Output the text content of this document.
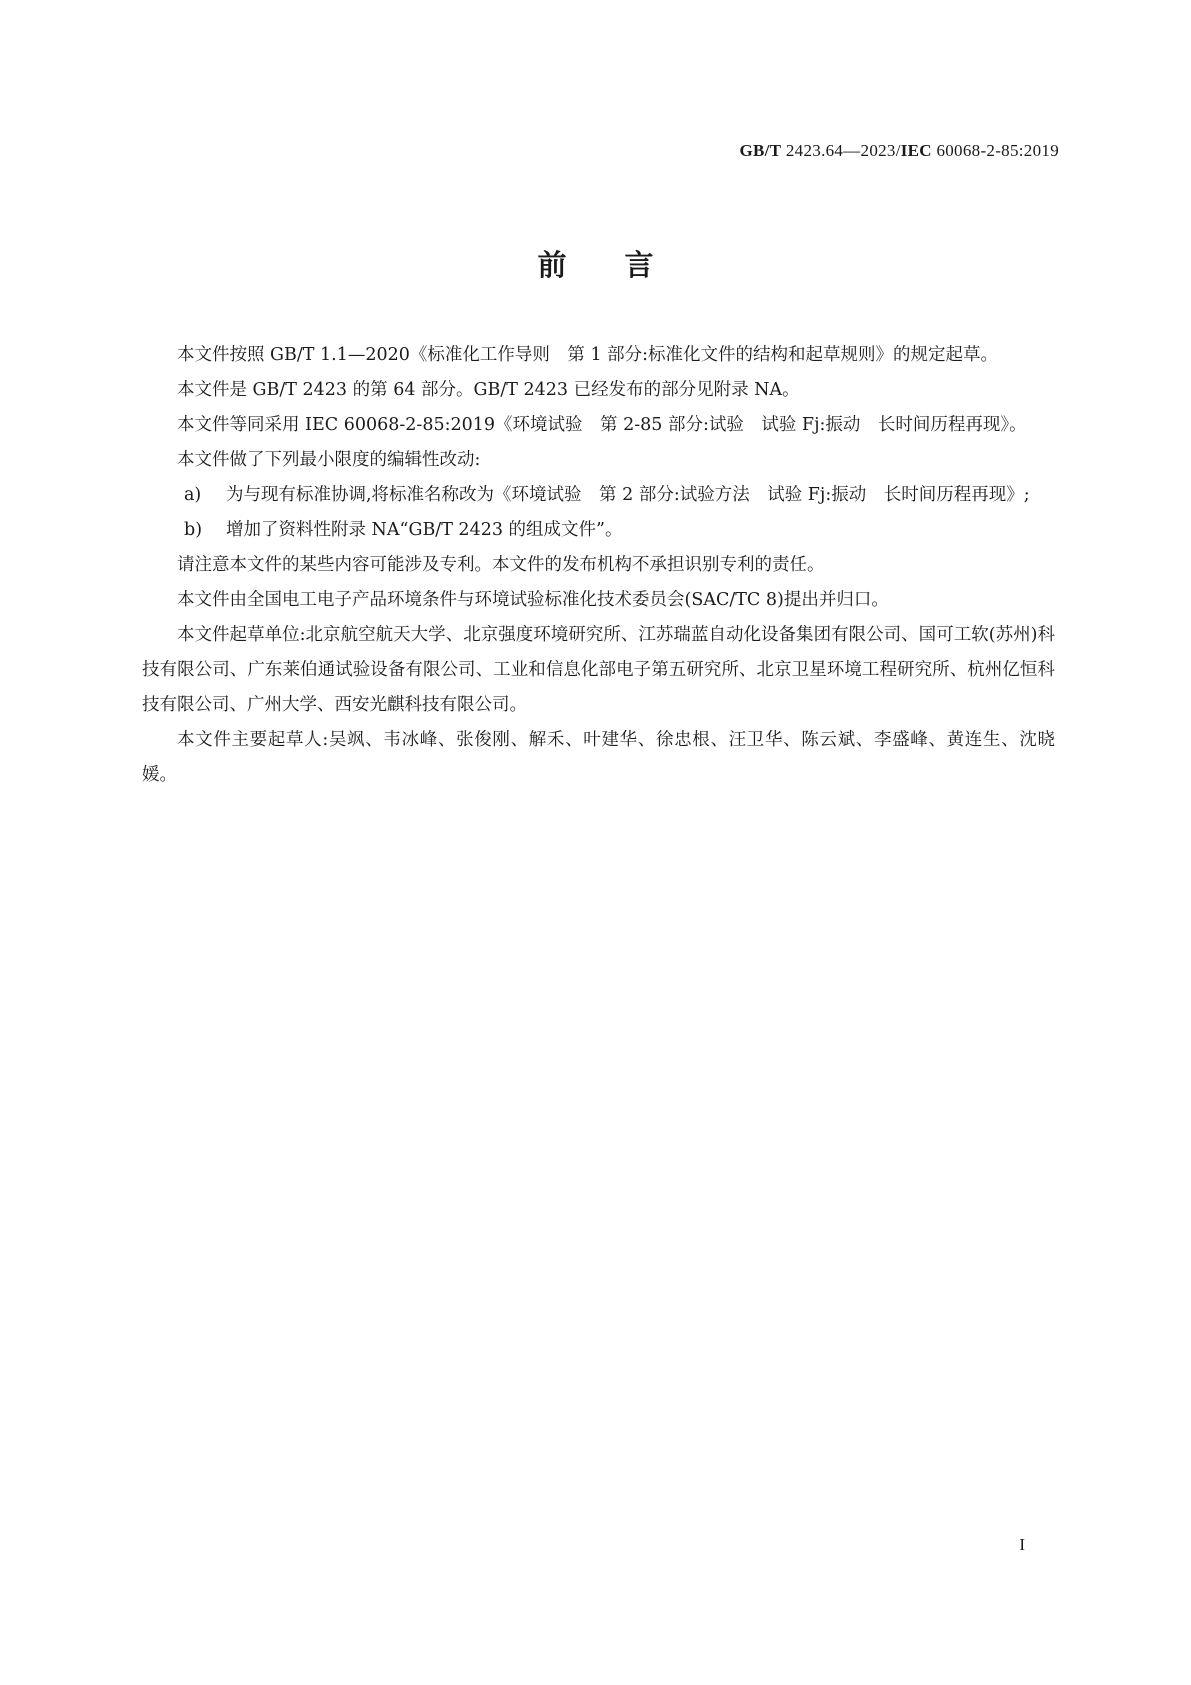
GB/T 2423.64—2023/IEC 60068-2-85:2019
前　　言

本文件按照 GB/T 1.1—2020《标准化工作导则　第 1 部分:标准化文件的结构和起草规则》的规定起草。

本文件是 GB/T 2423 的第 64 部分。GB/T 2423 已经发布的部分见附录 NA。

本文件等同采用 IEC 60068-2-85:2019《环境试验　第 2-85 部分:试验　试验 Fj:振动　长时间历程再现》。

本文件做了下列最小限度的编辑性改动:

a)	为与现有标准协调,将标准名称改为《环境试验　第 2 部分:试验方法　试验 Fj:振动　长时间历程再现》;
b)	增加了资料性附录 NA“GB/T 2423 的组成文件”。

请注意本文件的某些内容可能涉及专利。本文件的发布机构不承担识别专利的责任。

本文件由全国电工电子产品环境条件与环境试验标准化技术委员会(SAC/TC 8)提出并归口。

本文件起草单位:北京航空航天大学、北京强度环境研究所、江苏瑞蓝自动化设备集团有限公司、国可工软(苏州)科技有限公司、广东莱伯通试验设备有限公司、工业和信息化部电子第五研究所、北京卫星环境工程研究所、杭州亿恒科技有限公司、广州大学、西安光麒科技有限公司。

本文件主要起草人:吴飒、韦冰峰、张俊刚、解禾、叶建华、徐忠根、汪卫华、陈云斌、李盛峰、黄连生、沈晓媛。

I
